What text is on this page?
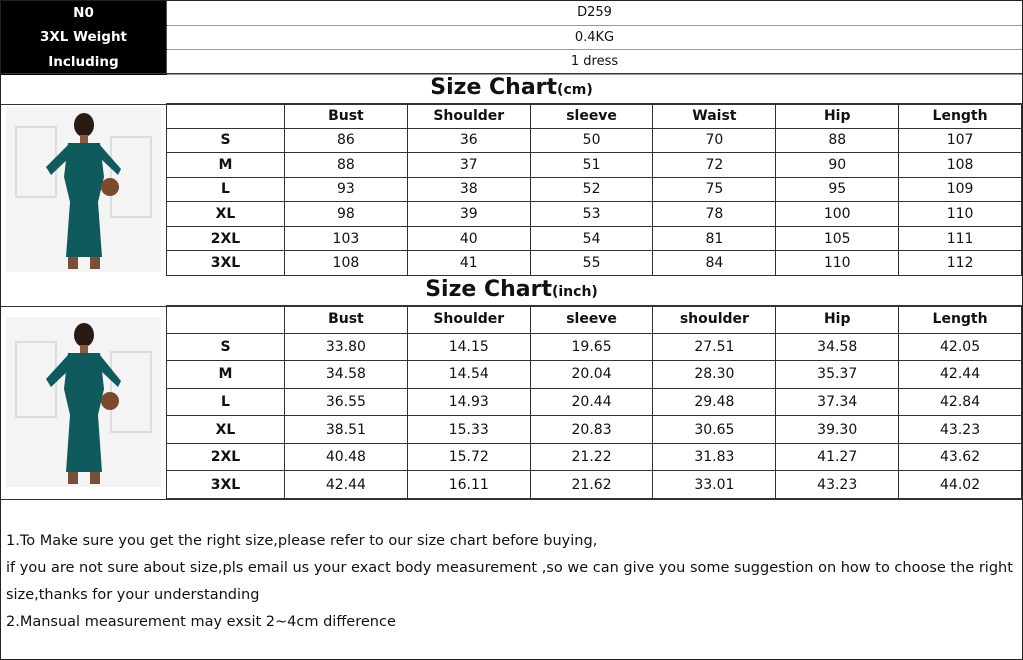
N0	D259
3XL Weight	0.4KG
Including	1 dress
Size Chart(cm)
	Bust	Shoulder	sleeve	Waist	Hip	Length
S	86	36	50	70	88	107
M	88	37	51	72	90	108
L	93	38	52	75	95	109
XL	98	39	53	78	100	110
2XL	103	40	54	81	105	111
3XL	108	41	55	84	110	112
Size Chart(inch)
	Bust	Shoulder	sleeve	shoulder	Hip	Length
S	33.80	14.15	19.65	27.51	34.58	42.05
M	34.58	14.54	20.04	28.30	35.37	42.44
L	36.55	14.93	20.44	29.48	37.34	42.84
XL	38.51	15.33	20.83	30.65	39.30	43.23
2XL	40.48	15.72	21.22	31.83	41.27	43.62
3XL	42.44	16.11	21.62	33.01	43.23	44.02

1.To Make sure you get the right size,please refer to our size chart before buying,

if you are not sure about size,pls email us your exact body measurement ,so we can give you some suggestion on how to choose the right size,thanks for your understanding

2.Mansual measurement may exsit 2~4cm difference
